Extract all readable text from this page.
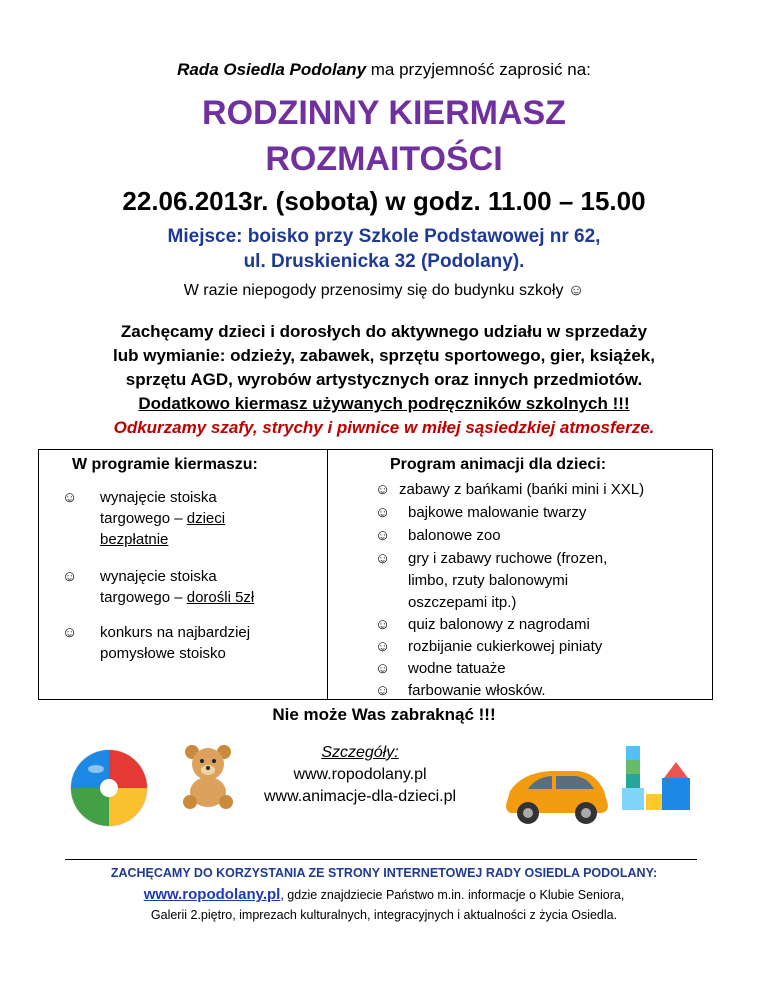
Rada Osiedla Podolany ma przyjemność zaprosić na:
RODZINNY KIERMASZ
ROZMAITOŚCI
22.06.2013r. (sobota) w godz. 11.00 – 15.00
Miejsce: boisko przy Szkole Podstawowej nr 62,
ul. Druskienicka 32 (Podolany).
W razie niepogody przenosimy się do budynku szkoły ☺
Zachęcamy dzieci i dorosłych do aktywnego udziału w sprzedaży
lub wymianie: odzieży, zabawek, sprzętu sportowego, gier, książek,
sprzętu AGD, wyrobów artystycznych oraz innych przedmiotów.
Dodatkowo kiermasz używanych podręczników szkolnych !!!
Odkurzamy szafy, strychy i piwnice w miłej sąsiedzkiej atmosferze.
W programie kiermaszu:	Program animacji dla dzieci:
☺ wynajęcie stoiska
targowego – dzieci
bezpłatnie
☺ wynajęcie stoiska
targowego – dorośli 5zł
☺ konkurs na najbardziej
pomysłowe stoisko
☺ zabawy z bańkami (bańki mini i XXL)
☺ bajkowe malowanie twarzy
☺ balonowe zoo
☺ gry i zabawy ruchowe (frozen,
limbo, rzuty balonowymi
oszczepami itp.)
☺ quiz balonowy z nagrodami
☺ rozbijanie cukierkowej piniaty
☺ wodne tatuaże
☺ farbowanie włosków.
Nie może Was zabraknąć !!!
Szczegóły:
www.ropodolany.pl
www.animacje-dla-dzieci.pl
ZACHĘCAMY DO KORZYSTANIA ZE STRONY INTERNETOWEJ RADY OSIEDLA PODOLANY:
www.ropodolany.pl, gdzie znajdziecie Państwo m.in. informacje o Klubie Seniora,
Galerii 2.piętro, imprezach kulturalnych, integracyjnych i aktualności z życia Osiedla.
